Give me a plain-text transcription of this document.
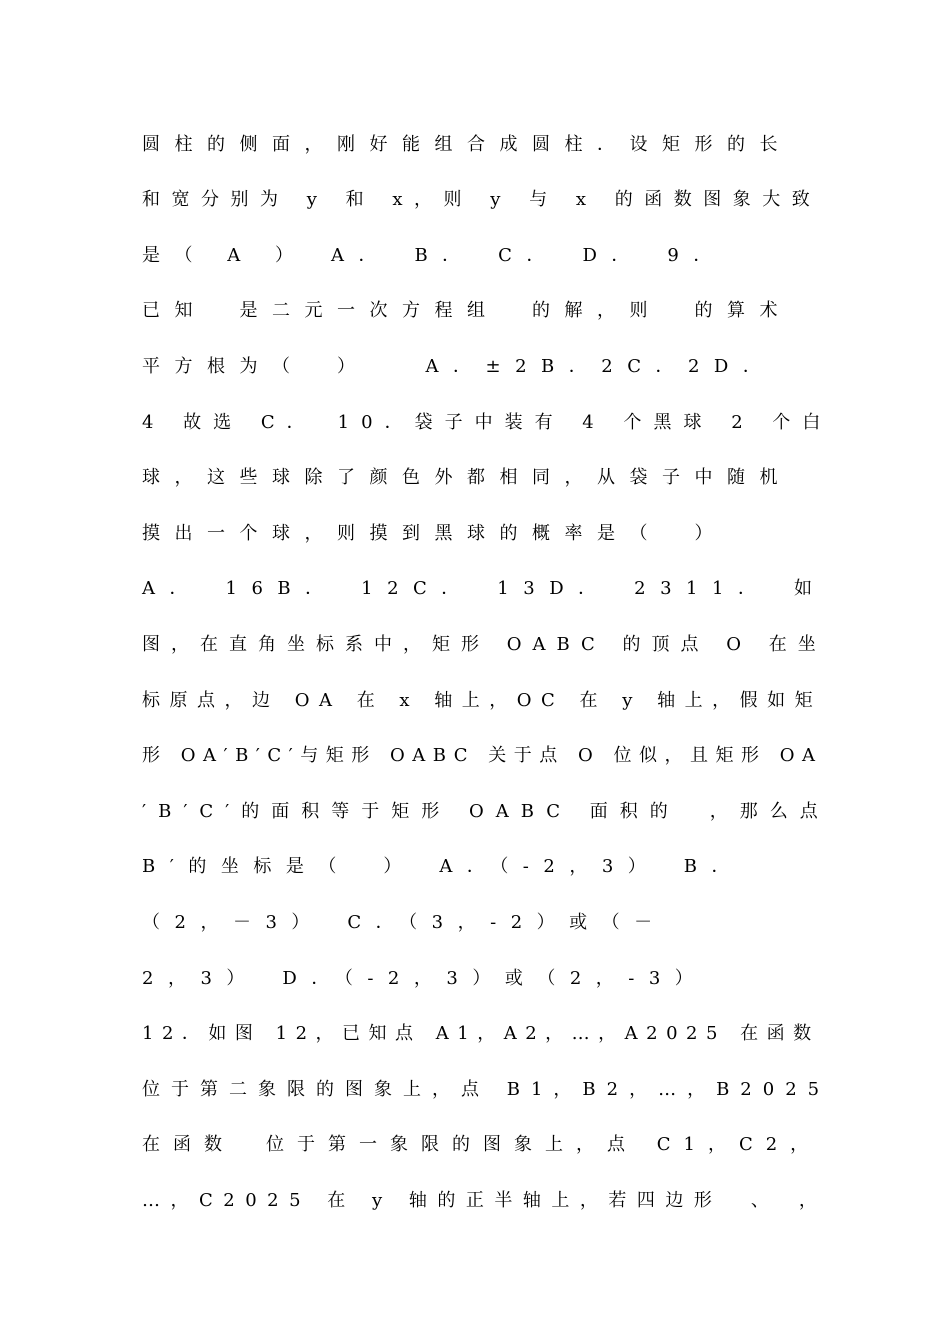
圆柱的侧面，刚好能组合成圆柱．设矩形的长
和宽分别为 y 和 x，则 y 与 x 的函数图象大致
是（ A ）　A．　B．　C．　D．　9．
已知　是二元一次方程组　的解，则　的算术
平方根为（　）　　A．±2B．2C．2D．
4 故选 C．　10．袋子中装有 4 个黑球 2 个白
球，这些球除了颜色外都相同，从袋子中随机
摸出一个球，则摸到黑球的概率是（　）
A．　16B．　12C．　13D．　2311．　如
图，在直角坐标系中，矩形 OABC 的顶点 O 在坐
标原点，边 OA 在 x 轴上，OC 在 y 轴上，假如矩
形 OA′B′C′与矩形 OABC 关于点 O 位似，且矩形 OA
′B′C′的面积等于矩形 OABC 面积的　，那么点
B′的坐标是（　）　A．（-2，3）　B．
（2，－3）　C．（3，-2）或（－
2，3）　D．（-2，3）或（2，-3）
12．如图 12，已知点 A1，A2，…，A2025 在函数
位于第二象限的图象上，点 B1，B2，…，B2025
在函数　位于第一象限的图象上，点 C1，C2，
…，C2025 在 y 轴的正半轴上，若四边形　、　，
